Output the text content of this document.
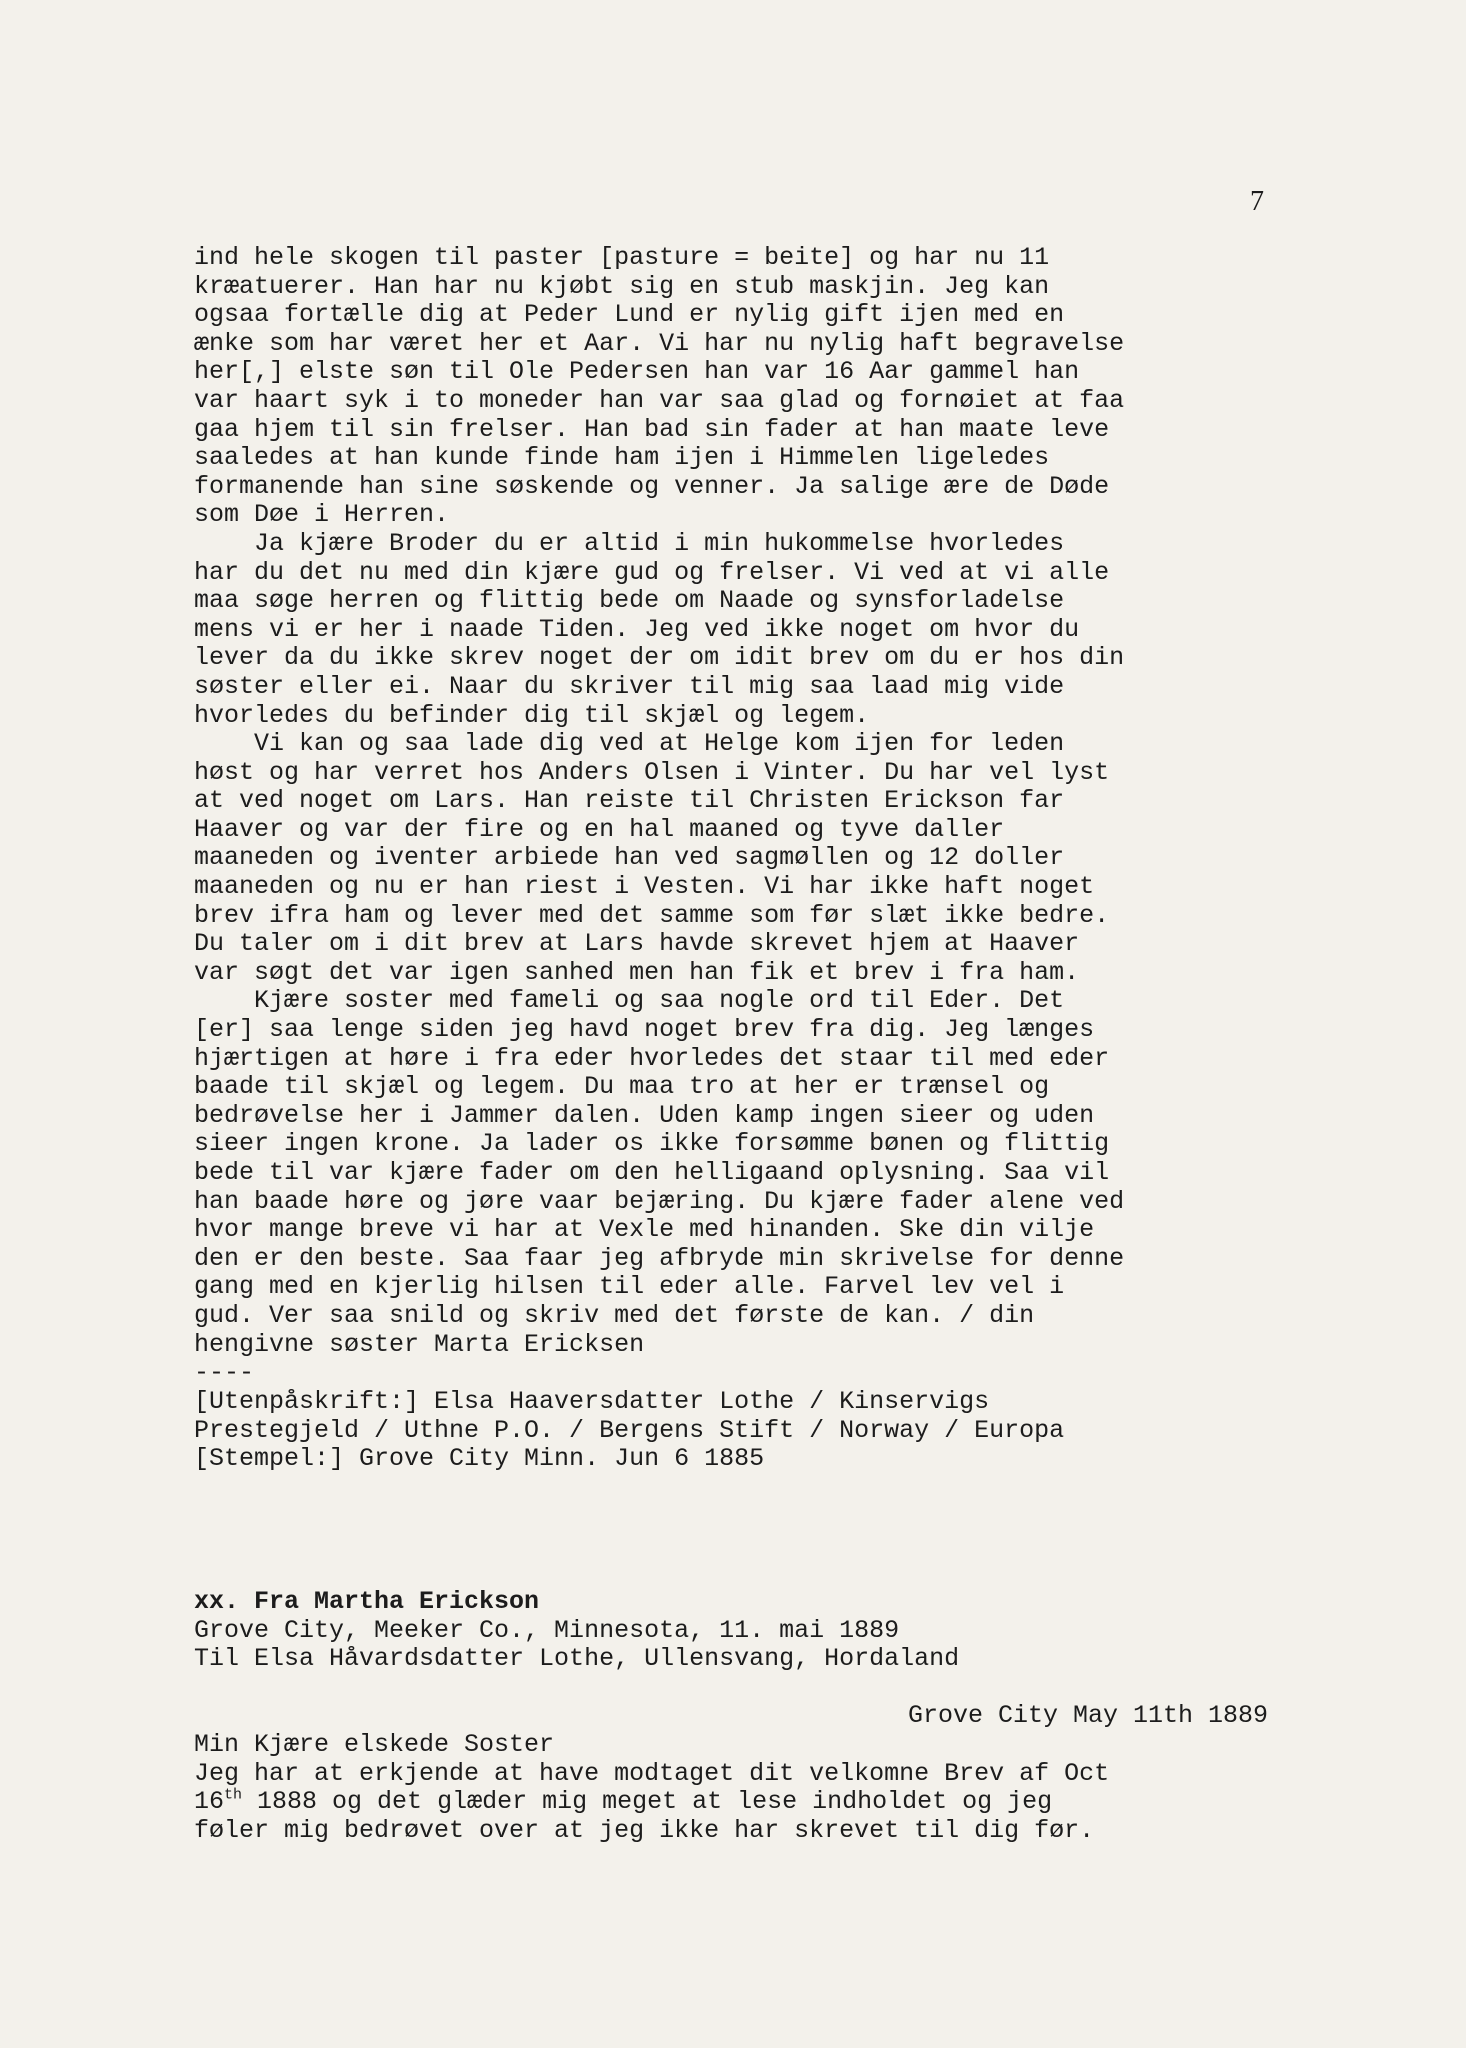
7
ind hele skogen til paster [pasture = beite] og har nu 11
kræatuerer. Han har nu kjøbt sig en stub maskjin. Jeg kan
ogsaa fortælle dig at Peder Lund er nylig gift ijen med en
ænke som har været her et Aar. Vi har nu nylig haft begravelse
her[,] elste søn til Ole Pedersen han var 16 Aar gammel han
var haart syk i to moneder han var saa glad og fornøiet at faa
gaa hjem til sin frelser. Han bad sin fader at han maate leve
saaledes at han kunde finde ham ijen i Himmelen ligeledes
formanende han sine søskende og venner. Ja salige ære de Døde
som Døe i Herren.
Ja kjære Broder du er altid i min hukommelse hvorledes
har du det nu med din kjære gud og frelser. Vi ved at vi alle
maa søge herren og flittig bede om Naade og synsforladelse
mens vi er her i naade Tiden. Jeg ved ikke noget om hvor du
lever da du ikke skrev noget der om idit brev om du er hos din
søster eller ei. Naar du skriver til mig saa laad mig vide
hvorledes du befinder dig til skjæl og legem.
Vi kan og saa lade dig ved at Helge kom ijen for leden
høst og har verret hos Anders Olsen i Vinter. Du har vel lyst
at ved noget om Lars. Han reiste til Christen Erickson far
Haaver og var der fire og en hal maaned og tyve daller
maaneden og iventer arbiede han ved sagmøllen og 12 doller
maaneden og nu er han riest i Vesten. Vi har ikke haft noget
brev ifra ham og lever med det samme som før slæt ikke bedre.
Du taler om i dit brev at Lars havde skrevet hjem at Haaver
var søgt det var igen sanhed men han fik et brev i fra ham.
Kjære soster med fameli og saa nogle ord til Eder. Det
[er] saa lenge siden jeg havd noget brev fra dig. Jeg længes
hjærtigen at høre i fra eder hvorledes det staar til med eder
baade til skjæl og legem. Du maa tro at her er trænsel og
bedrøvelse her i Jammer dalen. Uden kamp ingen sieer og uden
sieer ingen krone. Ja lader os ikke forsømme bønen og flittig
bede til var kjære fader om den helligaand oplysning. Saa vil
han baade høre og jøre vaar bejæring. Du kjære fader alene ved
hvor mange breve vi har at Vexle med hinanden. Ske din vilje
den er den beste. Saa faar jeg afbryde min skrivelse for denne
gang med en kjerlig hilsen til eder alle. Farvel lev vel i
gud. Ver saa snild og skriv med det første de kan. / din
hengivne søster Marta Ericksen
----
[Utenpåskrift:] Elsa Haaversdatter Lothe / Kinservigs
Prestegjeld / Uthne P.O. / Bergens Stift / Norway / Europa
[Stempel:] Grove City Minn. Jun 6 1885
xx. Fra Martha Erickson
Grove City, Meeker Co., Minnesota, 11. mai 1889
Til Elsa Håvardsdatter Lothe, Ullensvang, Hordaland
Grove City May 11th 1889
Min Kjære elskede Soster
Jeg har at erkjende at have modtaget dit velkomne Brev af Oct
16th 1888 og det glæder mig meget at lese indholdet og jeg
føler mig bedrøvet over at jeg ikke har skrevet til dig før.
